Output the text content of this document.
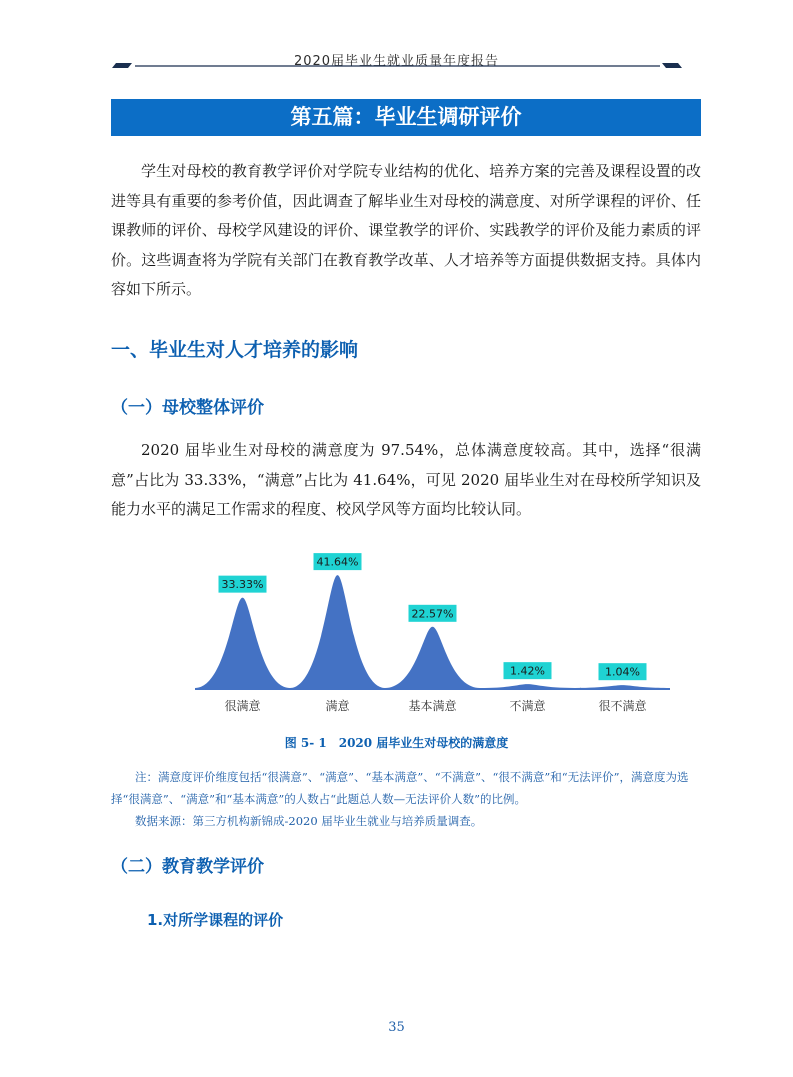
2020届毕业生就业质量年度报告
第五篇：毕业生调研评价

学生对母校的教育教学评价对学院专业结构的优化、培养方案的完善及课程设置的改进等具有重要的参考价值，因此调查了解毕业生对母校的满意度、对所学课程的评价、任课教师的评价、母校学风建设的评价、课堂教学的评价、实践教学的评价及能力素质的评价。这些调查将为学院有关部门在教育教学改革、人才培养等方面提供数据支持。具体内容如下所示。

一、毕业生对人才培养的影响
（一）母校整体评价

2020 届毕业生对母校的满意度为 97.54%，总体满意度较高。其中，选择“很满意”占比为 33.33%，“满意”占比为 41.64%，可见 2020 届毕业生对在母校所学知识及能力水平的满足工作需求的程度、校风学风等方面均比较认同。

33.33%
很满意
41.64%
满意
22.57%
基本满意
1.42%
不满意
1.04%
很不满意
图 5- 1　2020 届毕业生对母校的满意度

注：满意度评价维度包括“很满意”、“满意”、“基本满意”、“不满意”、“很不满意”和“无法评价”，满意度为选择“很满意”、“满意”和“基本满意”的人数占“此题总人数—无法评价人数”的比例。

数据来源：第三方机构新锦成-2020 届毕业生就业与培养质量调查。

（二）教育教学评价
1.对所学课程的评价
35
